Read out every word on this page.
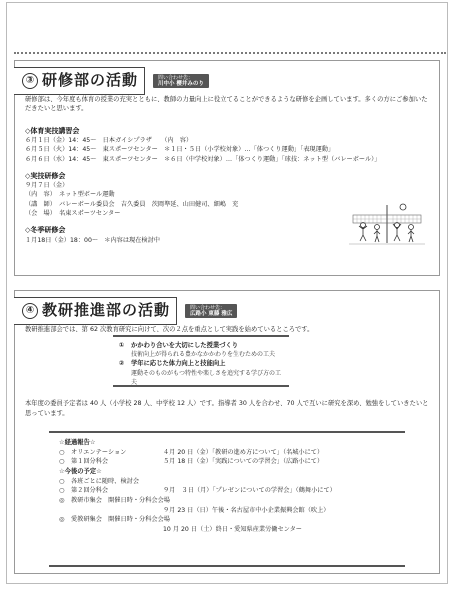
③ 研修部の活動	問い合わせ先：
川中小 櫻井みのり
研修部は、今年度も体育の授業の充実とともに、教師の力量向上に役立てることができるような研修を企画しています。多くの方にご参加いただきたいと思います。
◇体育実技講習会
６月１日（金）14：45～　日本ガイシプラザ　　（内　容）
６月５日（火）14：45～　東スポーツセンター　＊１日・５日（小学校対象）…「体つくり運動」「表現運動」
６月６日（水）14：45～　東スポーツセンター　＊６日（中学校対象）…「体つくり運動」「球技：ネット型（バレーボール）」
◇実技研修会
９月７日（金）
（内　容）　ネット型ボール運動
（講　師）　バレーボール委員会　吉久委員　茨岡準延、山田健司、細嶋　充
（会　場）　名東スポーツセンター
◇冬季研修会
１月18日（金）18：00～　＊内容は現在検討中
④ 教研推進部の活動	問い合わせ先：
広路小 東藤 雅広
教研推進部会では、第 62 次教育研究に向けて、次の２点を重点として実践を始めているところです。
① かかわり合いを大切にした授業づくり
技術向上が得られる豊かなかかわりを生むための工夫
② 学年に応じた体力向上と技能向上
運動そのものがもつ特性や楽しさを追究する学び方の工夫
本年度の委員予定者は 40 人（小学校 28 人、中学校 12 人）です。指導者 30 人を合わせ、70 人で互いに研究を深め、勉強をしていきたいと思っています。
☆経過報告☆
○	オリエンテーション	４月 20 日（金）「教研の進め方について」（名城小にて）
○	第１回分科会	５月 18 日（金）「実践についての学習会」（広路小にて）
☆今後の予定☆
○	各班ごとに随時、検討会
○	第２回分科会	９月　３日（月）「プレゼンについての学習会」（鶴舞小にて）
◎	教研市集会　開催日時・分科会会場
９月 23 日（日）午後・名古屋市中小企業振興会館（吹上）
◎	愛教研集会　開催日時・分科会会場
10 月 20 日（土）終日・愛知県産業労働センター
